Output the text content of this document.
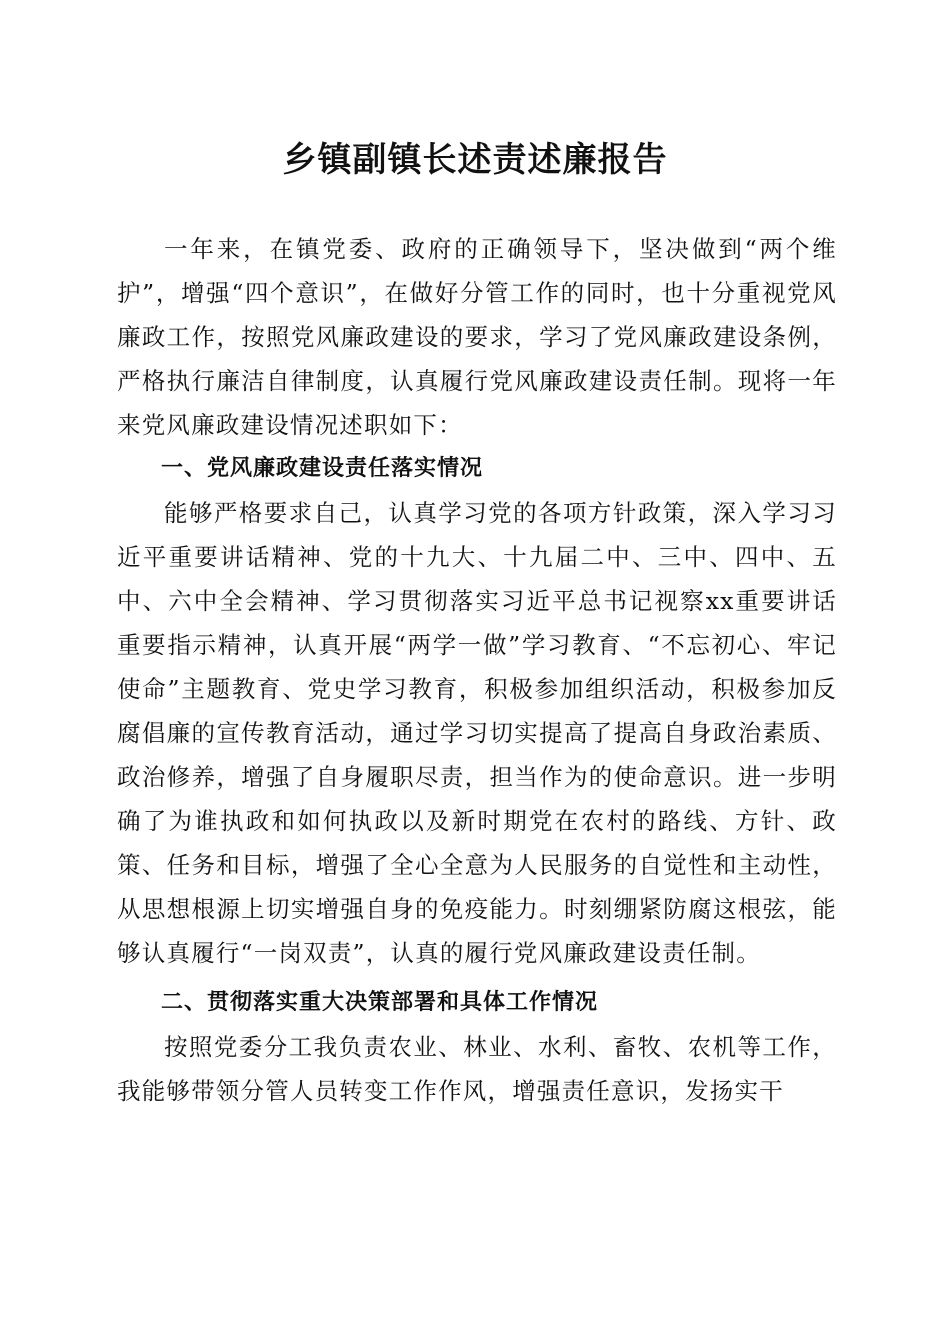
乡镇副镇长述责述廉报告

一年来，在镇党委、政府的正确领导下，坚决做到“两个维护”，增强“四个意识”，在做好分管工作的同时，也十分重视党风廉政工作，按照党风廉政建设的要求，学习了党风廉政建设条例，严格执行廉洁自律制度，认真履行党风廉政建设责任制。现将一年来党风廉政建设情况述职如下：

一、党风廉政建设责任落实情况

能够严格要求自己，认真学习党的各项方针政策，深入学习习近平重要讲话精神、党的十九大、十九届二中、三中、四中、五中、六中全会精神、学习贯彻落实习近平总书记视察xx重要讲话重要指示精神，认真开展“两学一做”学习教育、“不忘初心、牢记使命”主题教育、党史学习教育，积极参加组织活动，积极参加反腐倡廉的宣传教育活动，通过学习切实提高了提高自身政治素质、政治修养，增强了自身履职尽责，担当作为的使命意识。进一步明确了为谁执政和如何执政以及新时期党在农村的路线、方针、政策、任务和目标，增强了全心全意为人民服务的自觉性和主动性，从思想根源上切实增强自身的免疫能力。时刻绷紧防腐这根弦，能够认真履行“一岗双责”，认真的履行党风廉政建设责任制。

二、贯彻落实重大决策部署和具体工作情况

按照党委分工我负责农业、林业、水利、畜牧、农机等工作，我能够带领分管人员转变工作作风，增强责任意识，发扬实干
